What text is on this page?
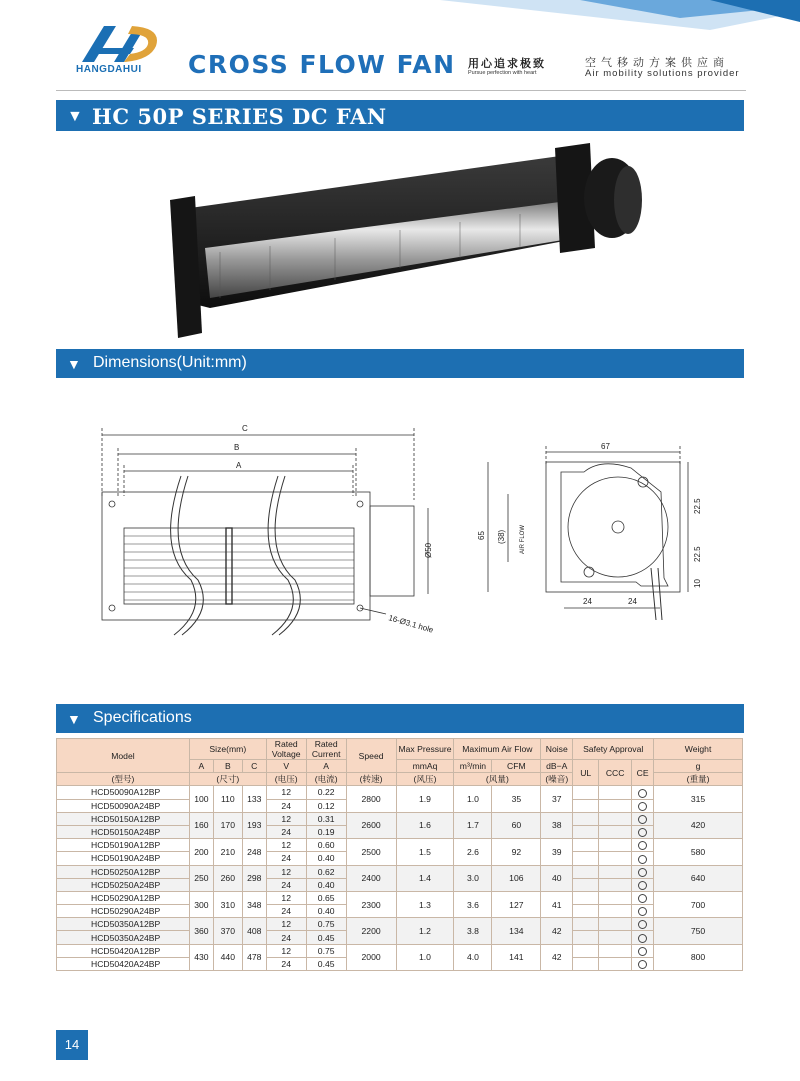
HANGDAHUI CROSS FLOW FAN 用心追求极致
Pursue perfection with heart
空气移动方案供应商
Air mobility solutions provider
▼ HC 50P SERIES DC FAN
▼ Dimensions(Unit:mm)
C
B
A
Ø50
16-Ø3.1 hole
67
65 (38) AIR FLOW
22.5
22.5
10
24	24
▼ Specifications
Model	Size(mm)			Rated Voltage	Rated Current	Speed	Max Pressure	Maximum Air Flow		Noise	Safety Approval			Weight
	A	B	C	V	A		mmAq	m³/min	CFM	dB−A	UL	CCC	CE	g
(型号)	(尺寸)			(电压)	(电流)	(转速)	(风压)	(风量)		(噪音)				(重量)
HCD50090A12BP	100	110	133	12	0.22	2800	1.9	1.0	35	37				315
HCD50090A24BP				24	0.12									
HCD50150A12BP	160	170	193	12	0.31	2600	1.6	1.7	60	38				420
HCD50150A24BP				24	0.19									
HCD50190A12BP	200	210	248	12	0.60	2500	1.5	2.6	92	39				580
HCD50190A24BP				24	0.40									
HCD50250A12BP	250	260	298	12	0.62	2400	1.4	3.0	106	40				640
HCD50250A24BP				24	0.40									
HCD50290A12BP	300	310	348	12	0.65	2300	1.3	3.6	127	41				700
HCD50290A24BP				24	0.40									
HCD50350A12BP	360	370	408	12	0.75	2200	1.2	3.8	134	42				750
HCD50350A24BP				24	0.45									
HCD50420A12BP	430	440	478	12	0.75	2000	1.0	4.0	141	42				800
HCD50420A24BP				24	0.45									
14
